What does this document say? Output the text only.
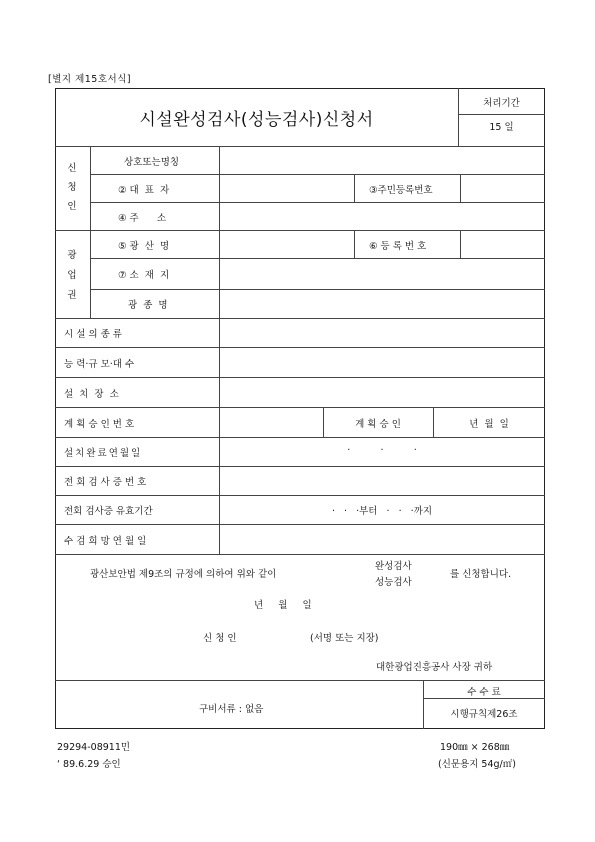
[별지 제15호서식]
시설완성검사(성능검사)신청서
처리기간
15 일
신
청
인
상호또는명칭
② 대  표  자	③주민등록번호
④ 주      소
광
업
권
⑤ 광  산  명	⑥ 등 록 번 호
⑦ 소  재  지
광  종  명
시 설 의 종 류
능 력·규 모·대 수
설  치  장  소
계 획 승 인 번 호	계 획 승 인	년  월  일
설치완료연월일	·          ·          ·
전 회 검 사 증 번 호
전회 검사증 유효기간	·   ·   ·부터   ·   ·   ·까지
수 검 희 망 연 월 일
광산보안법 제9조의 규정에 의하여 위와 같이
완성검사
성능검사
를 신청합니다.
년     월     일
신 청 인	(서명 또는 지장)
대한광업진흥공사 사장 귀하
구비서류 : 없음
수 수 료
시행규칙제26조
29294-08911민
‘ 89.6.29 승인
190㎜ × 268㎜
(신문용지 54g/㎡)
